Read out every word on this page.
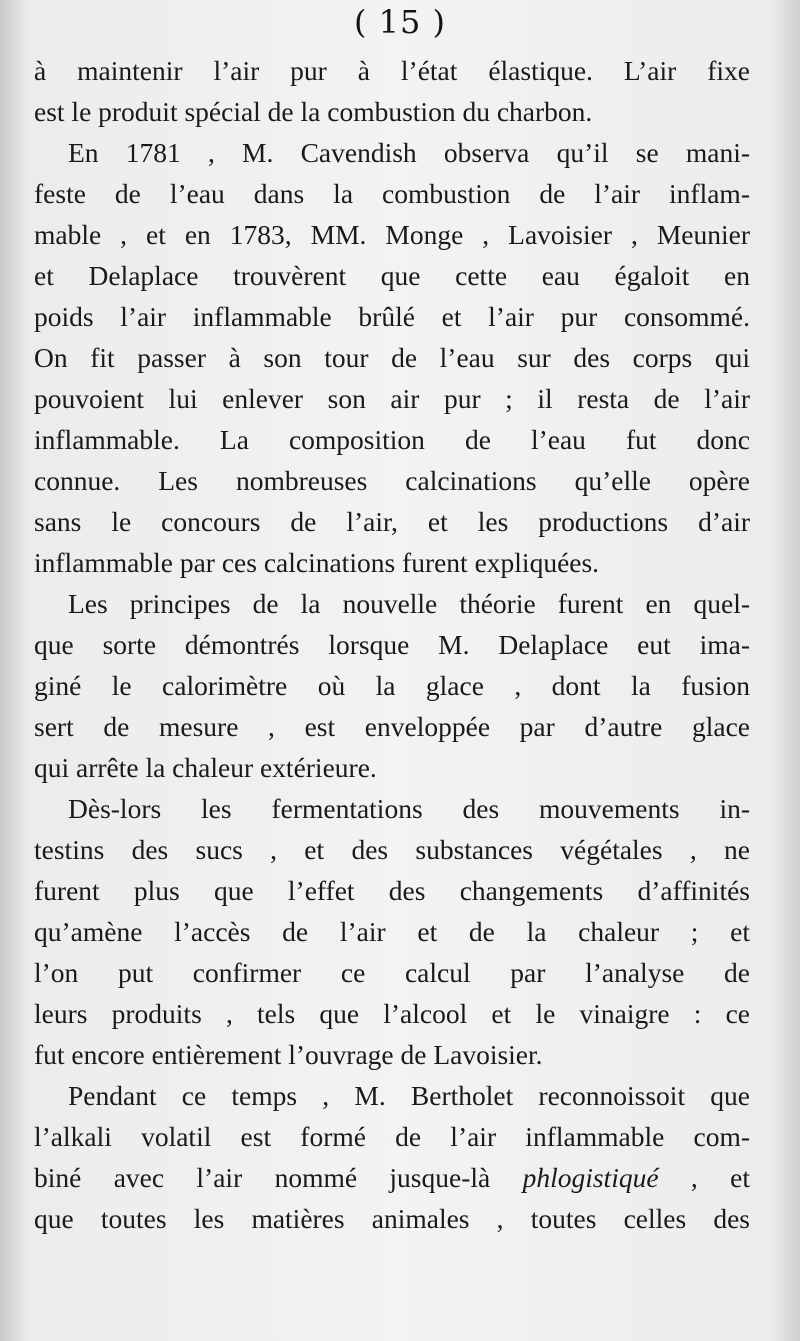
( 15 )
à maintenir l’air pur à l’état élastique. L’air fixe
est le produit spécial de la combustion du charbon.
En 1781 , M. Cavendish observa qu’il se mani-
feste de l’eau dans la combustion de l’air inflam-
mable , et en 1783, MM. Monge , Lavoisier , Meunier
et Delaplace trouvèrent que cette eau égaloit en
poids l’air inflammable brûlé et l’air pur consommé.
On fit passer à son tour de l’eau sur des corps qui
pouvoient lui enlever son air pur ; il resta de l’air
inflammable. La composition de l’eau fut donc
connue. Les nombreuses calcinations qu’elle opère
sans le concours de l’air, et les productions d’air
inflammable par ces calcinations furent expliquées.
Les principes de la nouvelle théorie furent en quel-
que sorte démontrés lorsque M. Delaplace eut ima-
giné le calorimètre où la glace , dont la fusion
sert de mesure , est enveloppée par d’autre glace
qui arrête la chaleur extérieure.
Dès-lors les fermentations des mouvements in-
testins des sucs , et des substances végétales , ne
furent plus que l’effet des changements d’affinités
qu’amène l’accès de l’air et de la chaleur ; et
l’on put confirmer ce calcul par l’analyse de
leurs produits , tels que l’alcool et le vinaigre : ce
fut encore entièrement l’ouvrage de Lavoisier.
Pendant ce temps , M. Bertholet reconnoissoit que
l’alkali volatil est formé de l’air inflammable com-
biné avec l’air nommé jusque-là phlogistiqué , et
que toutes les matières animales , toutes celles des
